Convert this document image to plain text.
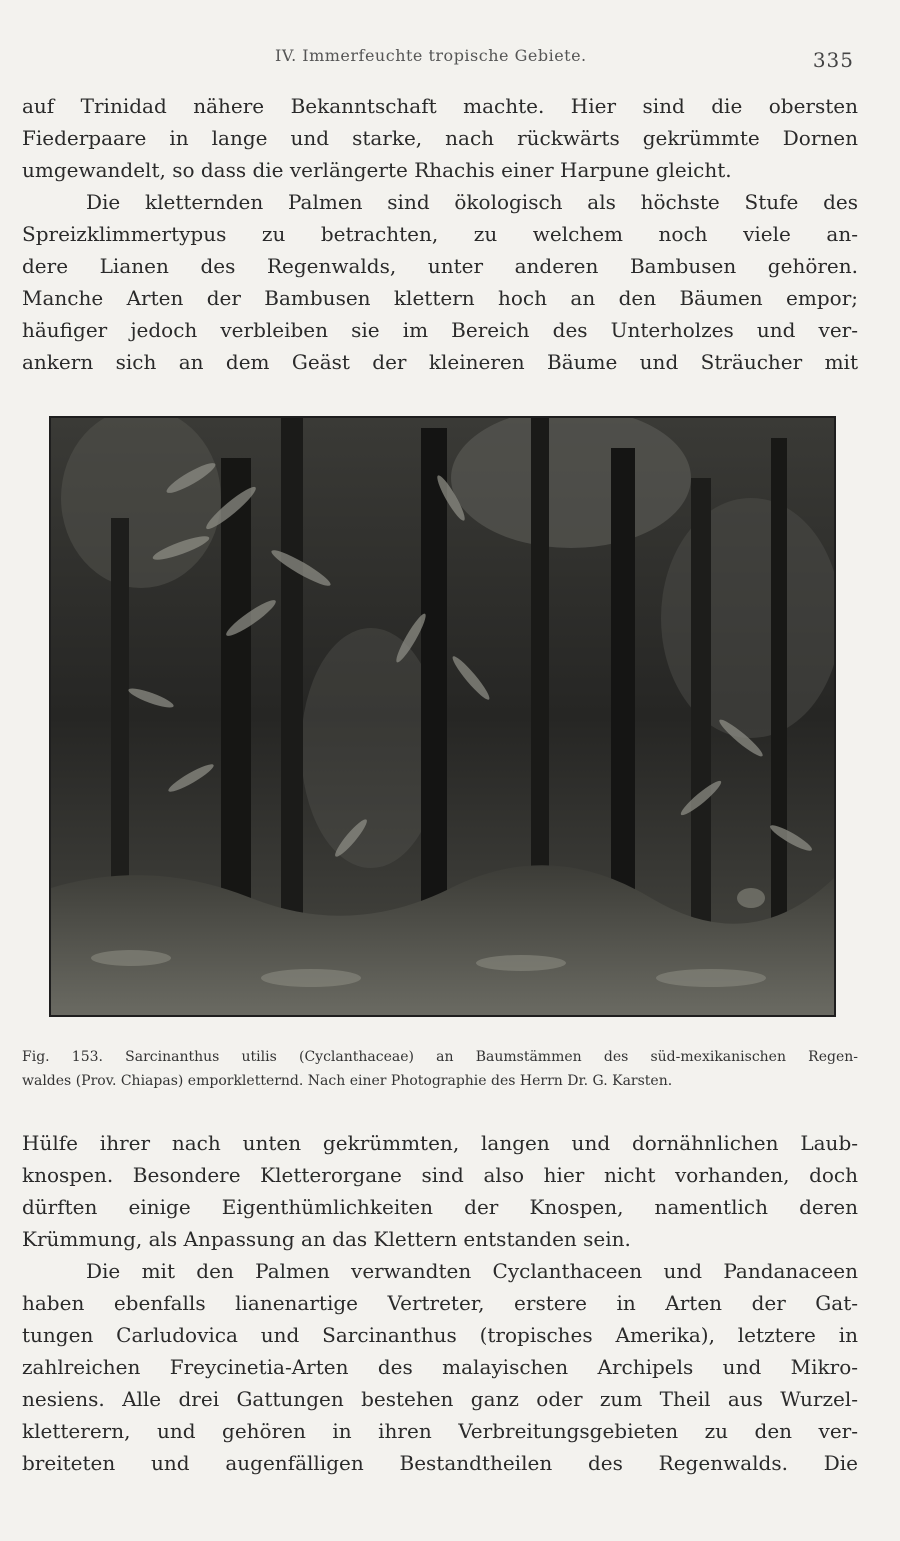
IV. Immerfeuchte tropische Gebiete.	335
auf Trinidad nähere Bekanntschaft machte. Hier sind die obersten
Fiederpaare in lange und starke, nach rückwärts gekrümmte Dornen
umgewandelt, so dass die verlängerte Rhachis einer Harpune gleicht.
Die kletternden Palmen sind ökologisch als höchste Stufe des
Spreizklimmertypus zu betrachten, zu welchem noch viele an-
dere Lianen des Regenwalds, unter anderen Bambusen gehören.
Manche Arten der Bambusen klettern hoch an den Bäumen empor;
häufiger jedoch verbleiben sie im Bereich des Unterholzes und ver-
ankern sich an dem Geäst der kleineren Bäume und Sträucher mit
Fig. 153. Sarcinanthus utilis (Cyclanthaceae) an Baumstämmen des süd-mexikanischen Regen-
waldes (Prov. Chiapas) emporkletternd. Nach einer Photographie des Herrn Dr. G. Karsten.
Hülfe ihrer nach unten gekrümmten, langen und dornähnlichen Laub-
knospen. Besondere Kletterorgane sind also hier nicht vorhanden, doch
dürften einige Eigenthümlichkeiten der Knospen, namentlich deren
Krümmung, als Anpassung an das Klettern entstanden sein.
Die mit den Palmen verwandten Cyclanthaceen und Pandanaceen
haben ebenfalls lianenartige Vertreter, erstere in Arten der Gat-
tungen Carludovica und Sarcinanthus (tropisches Amerika), letztere in
zahlreichen Freycinetia-Arten des malayischen Archipels und Mikro-
nesiens. Alle drei Gattungen bestehen ganz oder zum Theil aus Wurzel-
kletterern, und gehören in ihren Verbreitungsgebieten zu den ver-
breiteten und augenfälligen Bestandtheilen des Regenwalds. Die
